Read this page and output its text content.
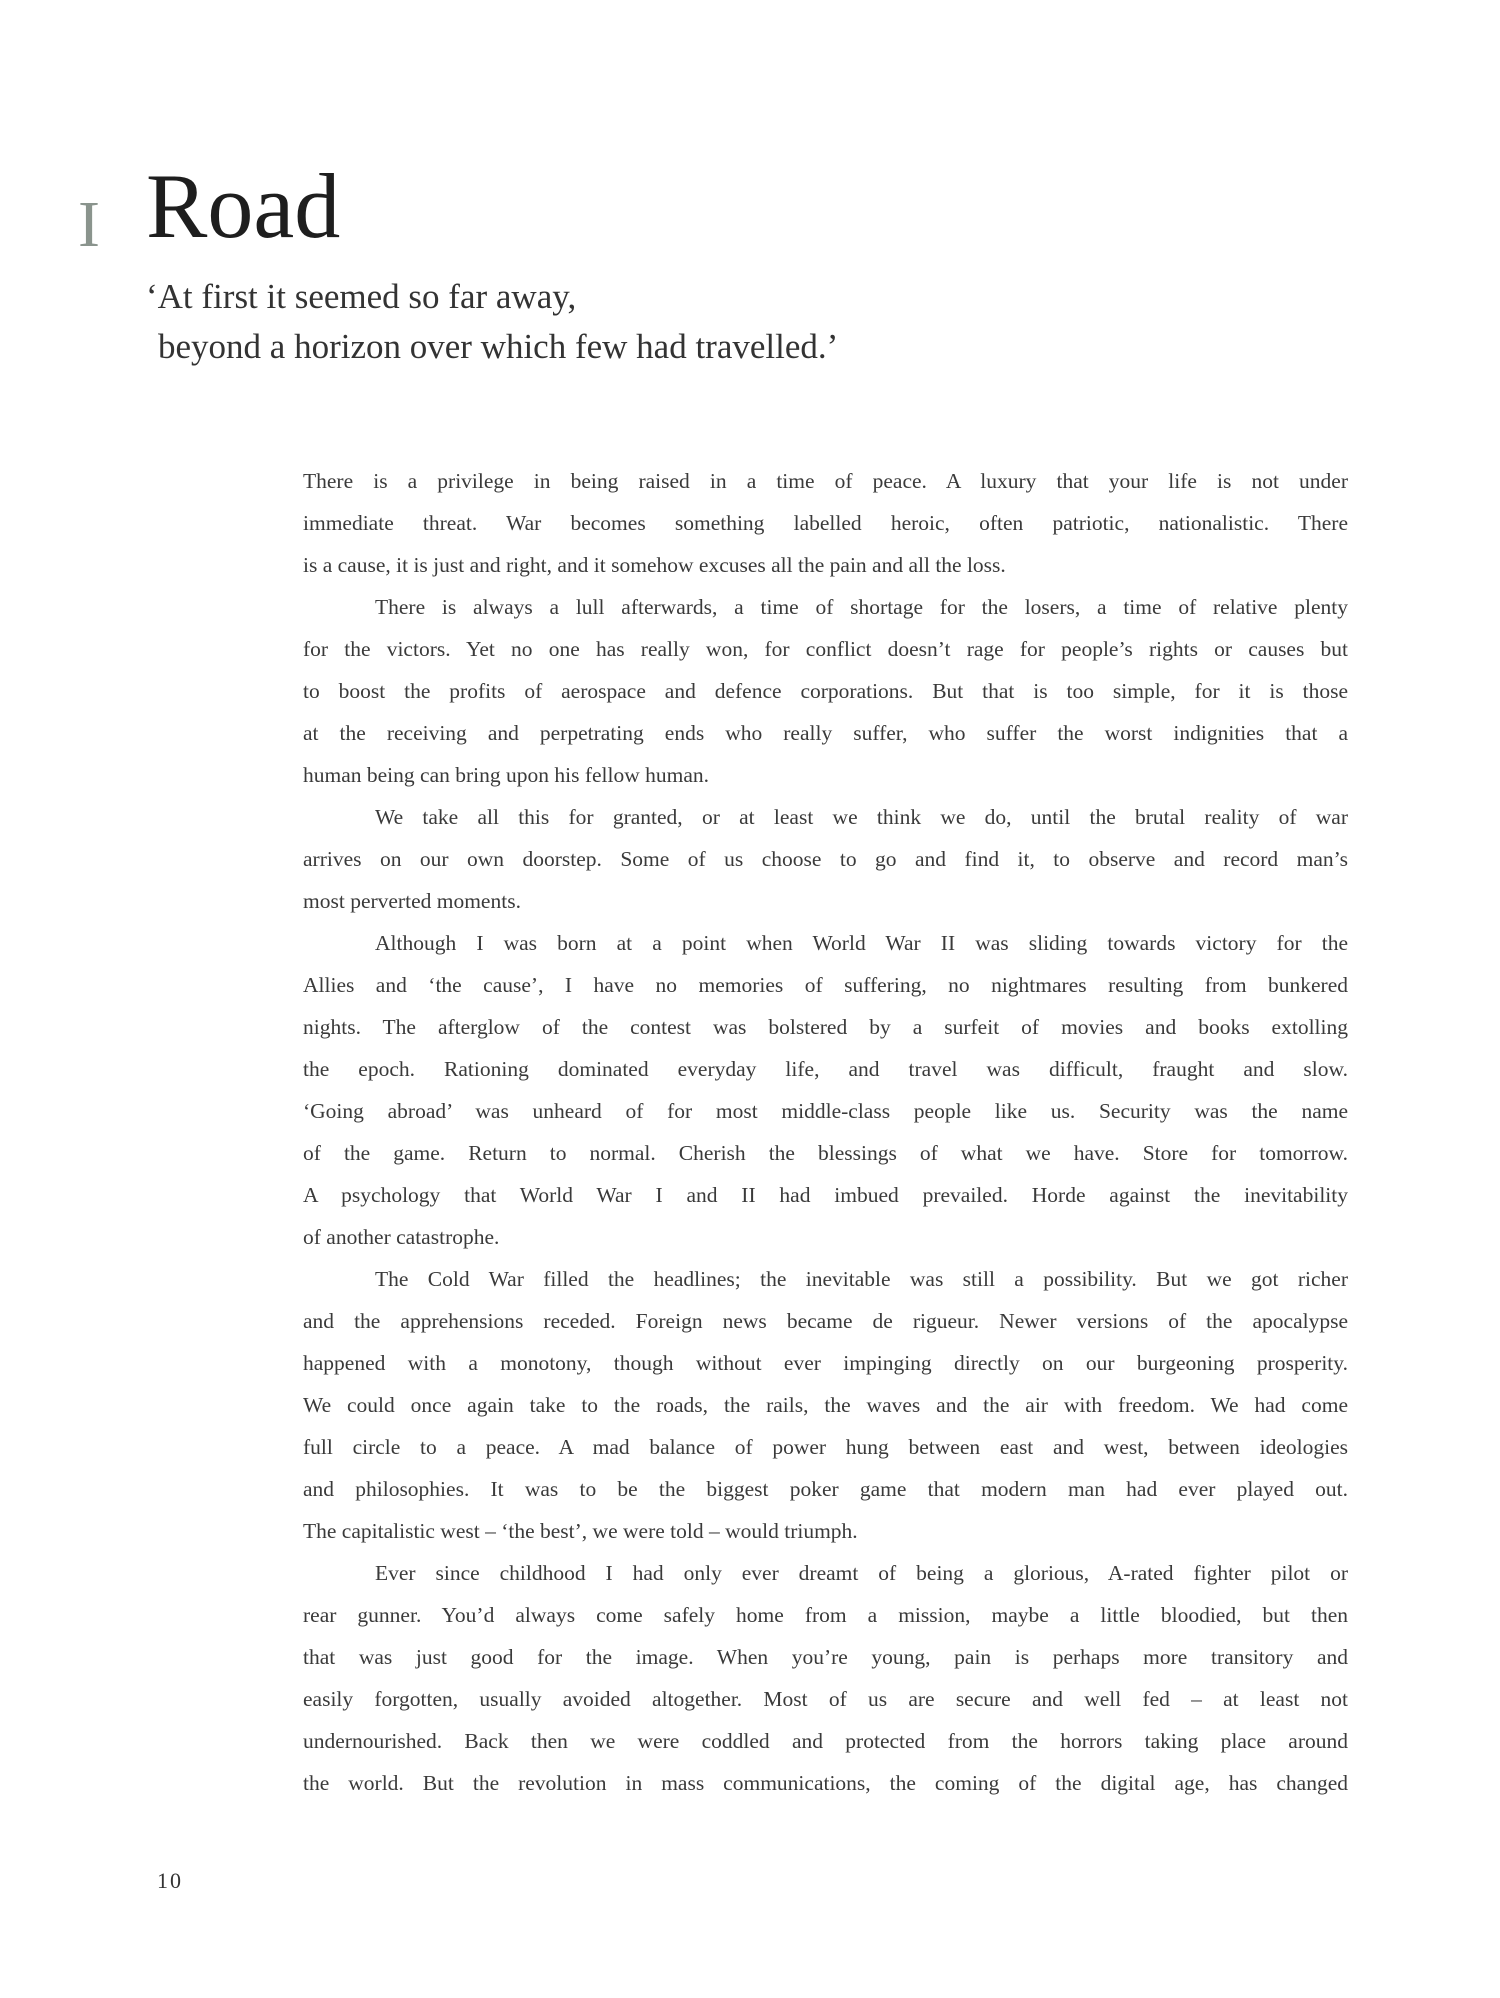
I Road
‘At first it seemed so far away,
beyond a horizon over which few had travelled.’
There is a privilege in being raised in a time of peace. A luxury that your life is not under
immediate threat. War becomes something labelled heroic, often patriotic, nationalistic. There
is a cause, it is just and right, and it somehow excuses all the pain and all the loss.
There is always a lull afterwards, a time of shortage for the losers, a time of relative plenty
for the victors. Yet no one has really won, for conflict doesn’t rage for people’s rights or causes but
to boost the profits of aerospace and defence corporations. But that is too simple, for it is those
at the receiving and perpetrating ends who really suffer, who suffer the worst indignities that a
human being can bring upon his fellow human.
We take all this for granted, or at least we think we do, until the brutal reality of war
arrives on our own doorstep. Some of us choose to go and find it, to observe and record man’s
most perverted moments.
Although I was born at a point when World War II was sliding towards victory for the
Allies and ‘the cause’, I have no memories of suffering, no nightmares resulting from bunkered
nights. The afterglow of the contest was bolstered by a surfeit of movies and books extolling
the epoch. Rationing dominated everyday life, and travel was difficult, fraught and slow.
‘Going abroad’ was unheard of for most middle-class people like us. Security was the name
of the game. Return to normal. Cherish the blessings of what we have. Store for tomorrow.
A psychology that World War I and II had imbued prevailed. Horde against the inevitability
of another catastrophe.
The Cold War filled the headlines; the inevitable was still a possibility. But we got richer
and the apprehensions receded. Foreign news became de rigueur. Newer versions of the apocalypse
happened with a monotony, though without ever impinging directly on our burgeoning prosperity.
We could once again take to the roads, the rails, the waves and the air with freedom. We had come
full circle to a peace. A mad balance of power hung between east and west, between ideologies
and philosophies. It was to be the biggest poker game that modern man had ever played out.
The capitalistic west – ‘the best’, we were told – would triumph.
Ever since childhood I had only ever dreamt of being a glorious, A-rated fighter pilot or
rear gunner. You’d always come safely home from a mission, maybe a little bloodied, but then
that was just good for the image. When you’re young, pain is perhaps more transitory and
easily forgotten, usually avoided altogether. Most of us are secure and well fed – at least not
undernourished. Back then we were coddled and protected from the horrors taking place around
the world. But the revolution in mass communications, the coming of the digital age, has changed
10
